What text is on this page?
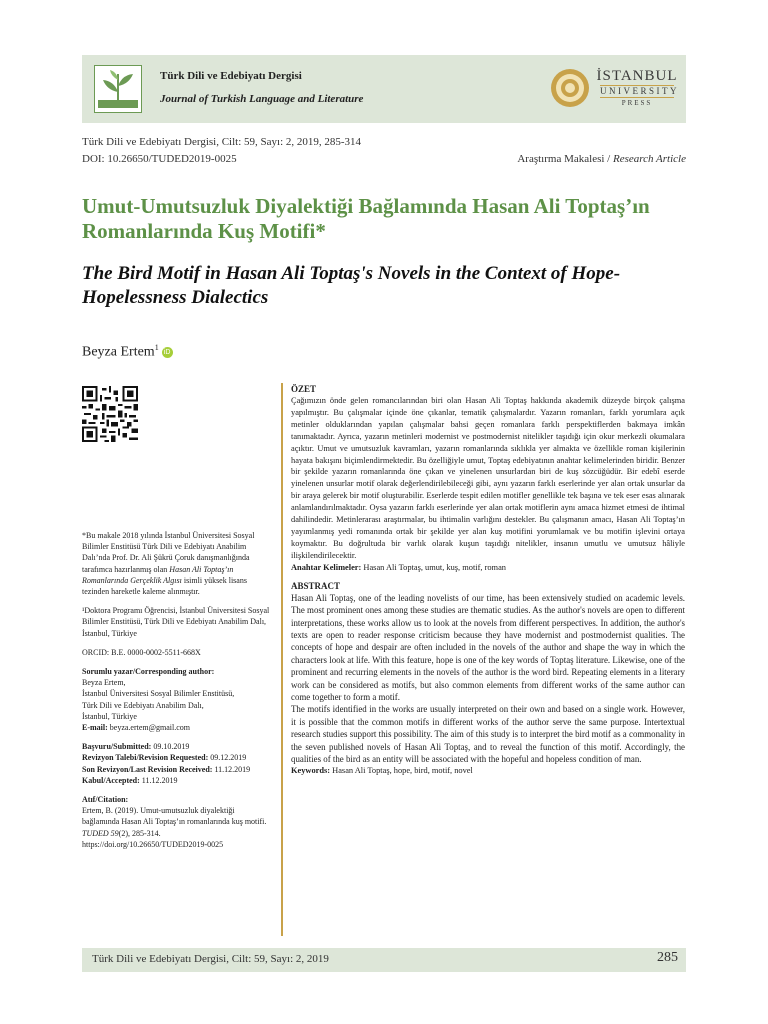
Türk Dili ve Edebiyatı Dergisi
Journal of Turkish Language and Literature
İSTANBUL
UNIVERSITY
PRESS
Türk Dili ve Edebiyatı Dergisi, Cilt: 59, Sayı: 2, 2019, 285-314
DOI: 10.26650/TUDED2019-0025	Araştırma Makalesi / Research Article
Umut-Umutsuzluk Diyalektiği Bağlamında Hasan Ali Toptaş’ın Romanlarında Kuş Motifi*
The Bird Motif in Hasan Ali Toptaş's Novels in the Context of Hope-Hopelessness Dialectics
Beyza Ertem$^1$iD

*Bu makale 2018 yılında İstanbul Üniversitesi Sosyal Bilimler Enstitüsü Türk Dili ve Edebiyatı Anabilim Dalı’nda Prof. Dr. Ali Şükrü Çoruk danışmanlığında tarafımca hazırlanmış olan Hasan Ali Toptaş’ın Romanlarında Gerçeklik Algısı isimli yüksek lisans tezinden hareketle kaleme alınmıştır.

¹Doktora Programı Öğrencisi, İstanbul Üniversitesi Sosyal Bilimler Enstitüsü, Türk Dili ve Edebiyatı Anabilim Dalı, İstanbul, Türkiye

ORCID: B.E. 0000-0002-5511-668X

Sorumlu yazar/Corresponding author:
Beyza Ertem,
İstanbul Üniversitesi Sosyal Bilimler Enstitüsü,
Türk Dili ve Edebiyatı Anabilim Dalı,
İstanbul, Türkiye
E-mail: beyza.ertem@gmail.com

Başvuru/Submitted: 09.10.2019
Revizyon Talebi/Revision Requested: 09.12.2019
Son Revizyon/Last Revision Received: 11.12.2019
Kabul/Accepted: 11.12.2019

Atıf/Citation:
Ertem, B. (2019). Umut-umutsuzluk diyalektiği bağlamında Hasan Ali Toptaş’ın romanlarında kuş motifi. TUDED 59(2), 285-314.
https://doi.org/10.26650/TUDED2019-0025

ÖZET

Çağımızın önde gelen romancılarından biri olan Hasan Ali Toptaş hakkında akademik düzeyde birçok çalışma yapılmıştır. Bu çalışmalar içinde öne çıkanlar, tematik çalışmalardır. Yazarın romanları, farklı yorumlara açık metinler olduklarından yapılan çalışmalar bahsi geçen romanlara farklı perspektiflerden bakmaya imkân tanımaktadır. Ayrıca, yazarın metinleri modernist ve postmodernist nitelikler taşıdığı için okur merkezli okumalara açıktır. Umut ve umutsuzluk kavramları, yazarın romanlarında sıklıkla yer almakta ve özellikle roman kişilerinin hayata bakışını biçimlendirmektedir. Bu özelliğiyle umut, Toptaş edebiyatının anahtar kelimelerinden biridir. Benzer bir şekilde yazarın romanlarında öne çıkan ve yinelenen unsurlardan biri de kuş sözcüğüdür. Bir edebî eserde yinelenen unsurlar motif olarak değerlendirilebileceği gibi, aynı yazarın farklı eserlerinde yer alan ortak unsurlar da bir araya gelerek bir motif oluşturabilir. Eserlerde tespit edilen motifler genellikle tek başına ve tek eser esas alınarak anlamlandırılmaktadır. Oysa yazarın farklı eserlerinde yer alan ortak motiflerin aynı amaca hizmet etmesi de ihtimal dahilindedir. Metinlerarası araştırmalar, bu ihtimalin varlığını destekler. Bu çalışmanın amacı, Hasan Ali Toptaş’ın yayımlanmış yedi romanında ortak bir şekilde yer alan kuş motifini yorumlamak ve bu motifin işlevini ortaya koymaktır. Bu doğrultuda bir varlık olarak kuşun taşıdığı nitelikler, insanın umutlu ve umutsuz hâliyle ilişkilendirilecektir.

Anahtar Kelimeler: Hasan Ali Toptaş, umut, kuş, motif, roman

ABSTRACT

Hasan Ali Toptaş, one of the leading novelists of our time, has been extensively studied on academic levels. The most prominent ones among these studies are thematic studies. As the author's novels are open to different interpretations, these works allow us to look at the novels from different perspectives. In addition, the author's texts are open to reader response criticism because they have modernist and postmodernist qualities. The concepts of hope and despair are often included in the novels of the author and shape the way in which the characters look at life. With this feature, hope is one of the key words of Toptaş literature. Likewise, one of the prominent and recurring elements in the novels of the author is the word bird. Repeating elements in a literary work can be considered as motifs, but also common elements from different works of the same author can come together to form a motif.

The motifs identified in the works are usually interpreted on their own and based on a single work. However, it is possible that the common motifs in different works of the author serve the same purpose. Intertextual research studies support this possibility. The aim of this study is to interpret the bird motif as a commonality in the seven published novels of Hasan Ali Toptaş, and to reveal the function of this motif. Accordingly, the qualities of the bird as an entity will be associated with the hopeful and hopeless condition of man.

Keywords: Hasan Ali Toptaş, hope, bird, motif, novel

Türk Dili ve Edebiyatı Dergisi, Cilt: 59, Sayı: 2, 2019	285
